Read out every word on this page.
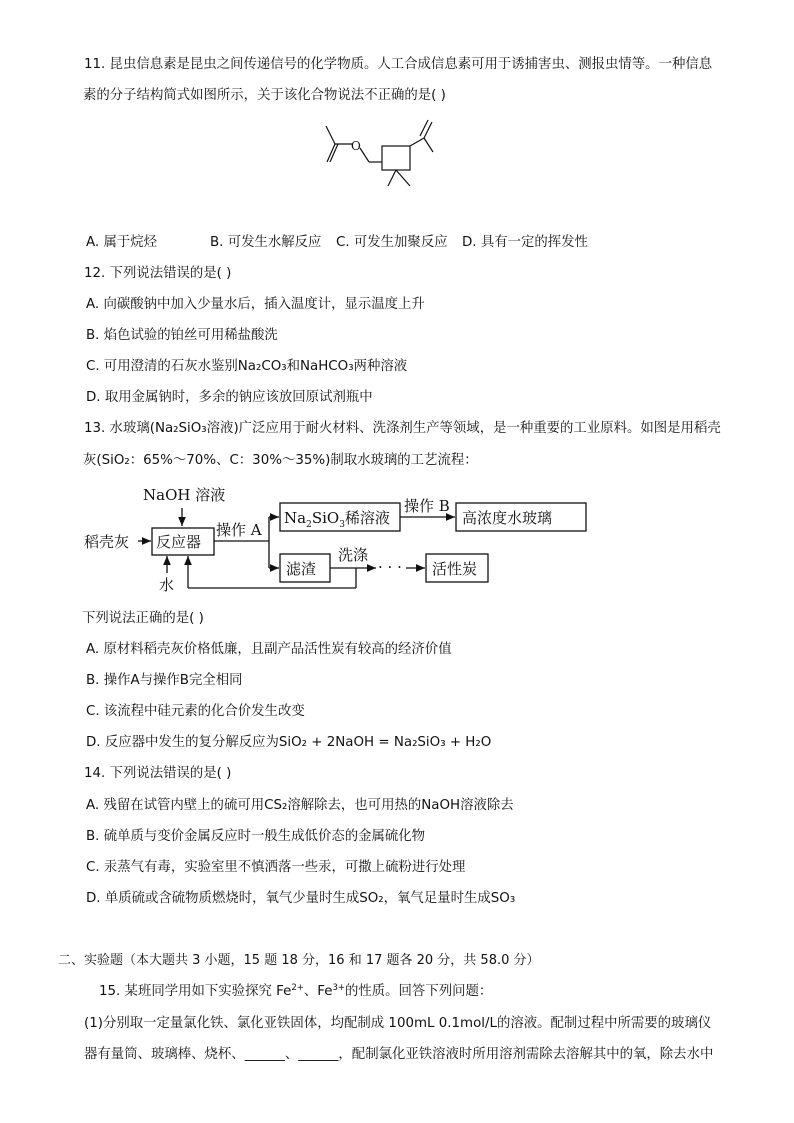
11. 昆虫信息素是昆虫之间传递信号的化学物质。人工合成信息素可用于诱捕害虫、测报虫情等。一种信息
素的分子结构简式如图所示，关于该化合物说法不正确的是( )
O
A. 属于烷烃	B. 可发生水解反应 C. 可发生加聚反应 D. 具有一定的挥发性
12. 下列说法错误的是( )
A. 向碳酸钠中加入少量水后，插入温度计，显示温度上升
B. 焰色试验的铂丝可用稀盐酸洗
C. 可用澄清的石灰水鉴别Na₂CO₃和NaHCO₃两种溶液
D. 取用金属钠时，多余的钠应该放回原试剂瓶中
13. 水玻璃(Na₂SiO₃溶液)广泛应用于耐火材料、洗涤剂生产等领域，是一种重要的工业原料。如图是用稻壳
灰(SiO₂：65%～70%、C：30%～35%)制取水玻璃的工艺流程：
NaOH 溶液
稻壳灰 反应器
操作 A
$Na_2SiO_3$稀溶液
操作 B
高浓度水玻璃
滤渣
洗涤
· · · 活性炭
水
下列说法正确的是( )
A. 原材料稻壳灰价格低廉，且副产品活性炭有较高的经济价值
B. 操作A与操作B完全相同
C. 该流程中硅元素的化合价发生改变
D. 反应器中发生的复分解反应为SiO₂ + 2NaOH = Na₂SiO₃ + H₂O
14. 下列说法错误的是( )
A. 残留在试管内壁上的硫可用CS₂溶解除去，也可用热的NaOH溶液除去
B. 硫单质与变价金属反应时一般生成低价态的金属硫化物
C. 汞蒸气有毒，实验室里不慎洒落一些汞，可撒上硫粉进行处理
D. 单质硫或含硫物质燃烧时，氧气少量时生成SO₂，氧气足量时生成SO₃
二、实验题（本大题共 3 小题，15 题 18 分，16 和 17 题各 20 分，共 58.0 分）
15. 某班同学用如下实验探究 $Fe^{2+}$、$Fe^{3+}$的性质。回答下列问题：
(1)分别取一定量氯化铁、氯化亚铁固体，均配制成 100mL 0.1mol/L的溶液。配制过程中所需要的玻璃仪
器有量筒、玻璃棒、烧杯、______、______，配制氯化亚铁溶液时所用溶剂需除去溶解其中的氧，除去水中
